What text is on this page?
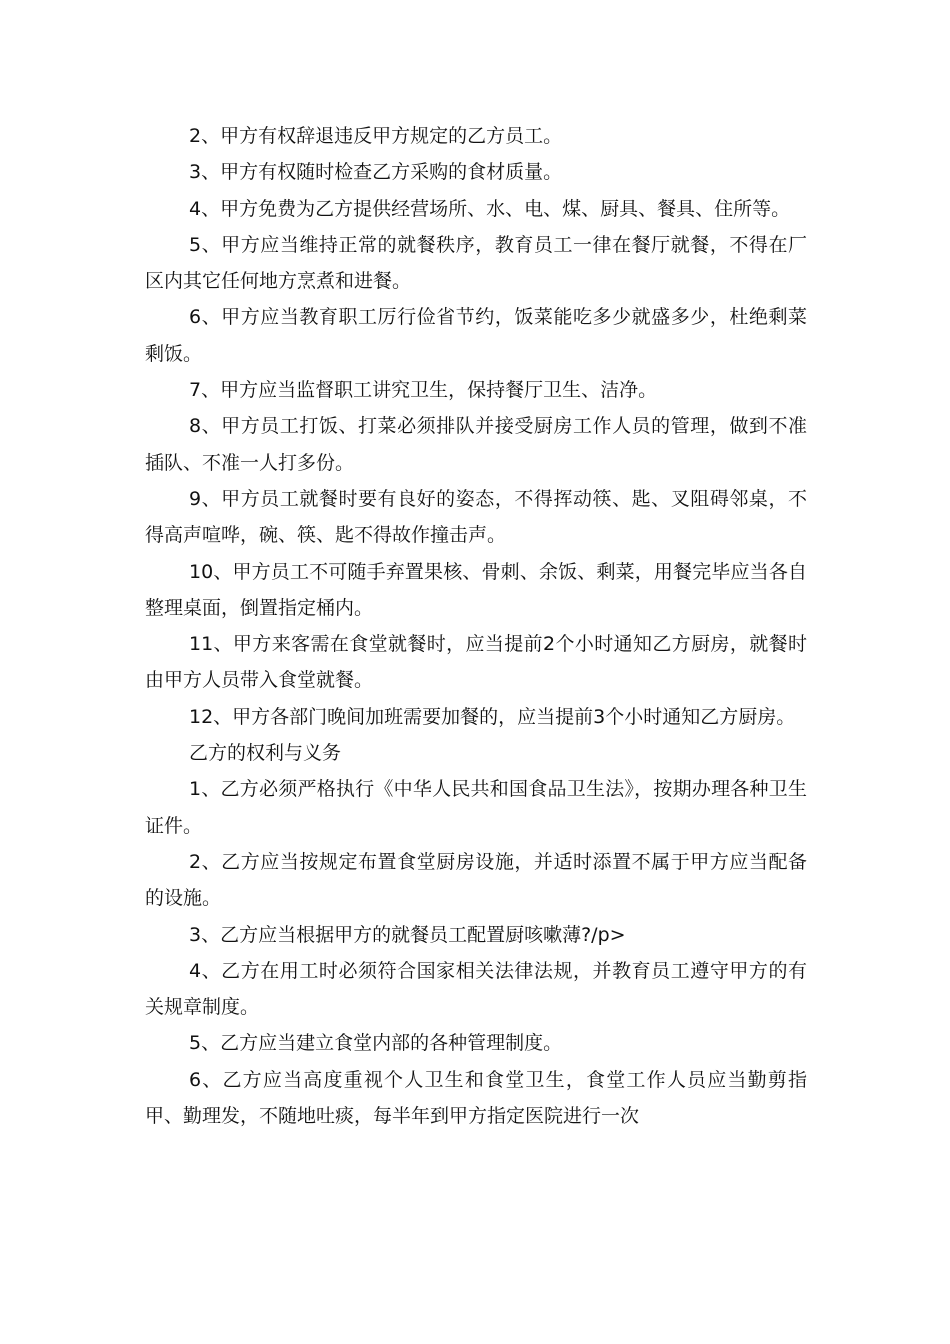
2、甲方有权辞退违反甲方规定的乙方员工。

3、甲方有权随时检查乙方采购的食材质量。

4、甲方免费为乙方提供经营场所、水、电、煤、厨具、餐具、住所等。

5、甲方应当维持正常的就餐秩序，教育员工一律在餐厅就餐，不得在厂区内其它任何地方烹煮和进餐。

6、甲方应当教育职工厉行俭省节约，饭菜能吃多少就盛多少，杜绝剩菜剩饭。

7、甲方应当监督职工讲究卫生，保持餐厅卫生、洁净。

8、甲方员工打饭、打菜必须排队并接受厨房工作人员的管理，做到不准插队、不准一人打多份。

9、甲方员工就餐时要有良好的姿态，不得挥动筷、匙、叉阻碍邻桌，不得高声喧哗，碗、筷、匙不得故作撞击声。

10、甲方员工不可随手弃置果核、骨刺、余饭、剩菜，用餐完毕应当各自整理桌面，倒置指定桶内。

11、甲方来客需在食堂就餐时，应当提前2个小时通知乙方厨房，就餐时由甲方人员带入食堂就餐。

12、甲方各部门晚间加班需要加餐的，应当提前3个小时通知乙方厨房。

乙方的权利与义务

1、乙方必须严格执行《中华人民共和国食品卫生法》，按期办理各种卫生证件。

2、乙方应当按规定布置食堂厨房设施，并适时添置不属于甲方应当配备的设施。

3、乙方应当根据甲方的就餐员工配置厨咳嗽薄?/p>

4、乙方在用工时必须符合国家相关法律法规，并教育员工遵守甲方的有关规章制度。

5、乙方应当建立食堂内部的各种管理制度。

6、乙方应当高度重视个人卫生和食堂卫生，食堂工作人员应当勤剪指甲、勤理发，不随地吐痰，每半年到甲方指定医院进行一次
